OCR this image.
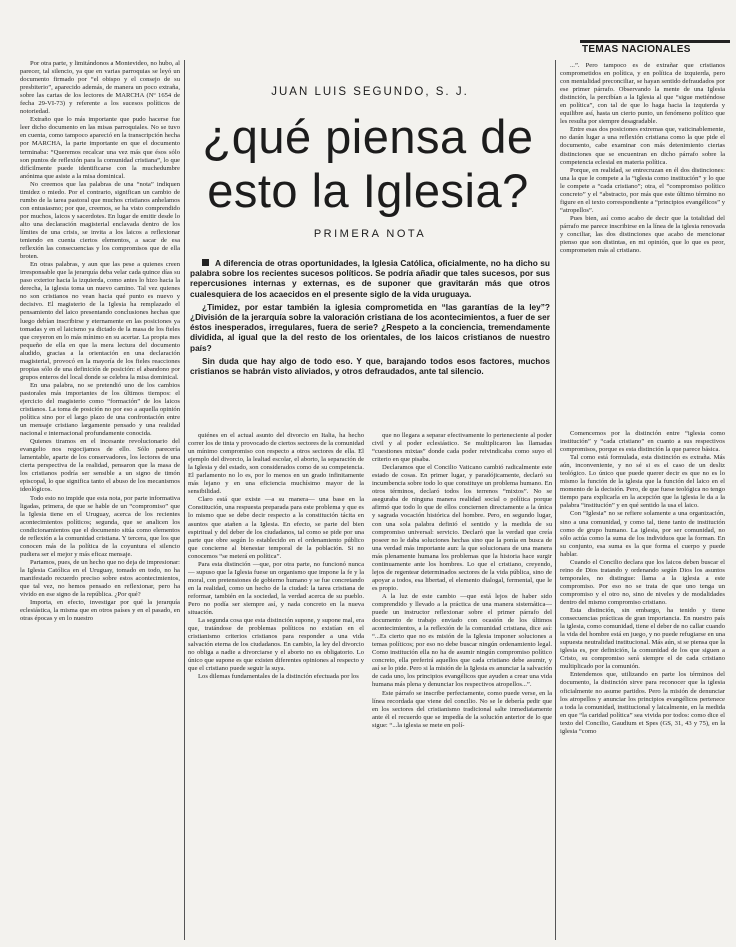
TEMAS NACIONALES

Por otra parte, y limitándonos a Montevideo, no hubo, al parecer, tal silencio, ya que en varias parroquias se leyó un documento firmado por “el obispo y el consejo de su presbiterio”, aparecido además, de manera un poco extraña, sobre las cartas de los lectores de MARCHA (Nº 1654 de fecha 29-VI-73) y referente a los sucesos políticos de notoriedad.

Extraño que lo más importante que pudo hacerse fue leer dicho documento en las misas parroquiales. No se tuvo en cuenta, como tampoco apareció en la transcripción hecha por MARCHA, la parte importante en que el documento terminaba: “Queremos recalcar una vez más que ésos sólo son puntos de reflexión para la comunidad cristiana”, lo que difícilmente puede identificarse con la muchedumbre anónima que asiste a la misa dominical.

No creemos que las palabras de una “nota” indiquen timidez o miedo. Por el contrario, significan un cambio de rumbo de la tarea pastoral que muchos cristianos anhelamos con entusiasmo; por que, creemos, se ha visto comprendido por muchos, laicos y sacerdotes. En lugar de emitir desde lo alto una declaración magisterial enclavada dentro de los límites de una crisis, se invita a los laicos a reflexionar teniendo en cuenta ciertos elementos, a sacar de esa reflexión las consecuencias y los compromisos que de ella broten.

En otras palabras, y aun que las pese a quienes creen irresponsable que la jerarquía deba velar cada quince días su paso exterior hacia la izquierda, como antes lo hizo hacia la derecha, la iglesia toma un nuevo camino. Tal vez quienes no son cristianos no vean hacia qué punto es nuevo y decisivo. El magisterio de la Iglesia ha remplazado el pensamiento del laico presentando conclusiones hechas que luego debían inscribirse y eternamente en las posiciones ya tomadas y en el laicismo ya dictado de la masa de los fieles que creyeron en lo más mínimo en su acertar. La propia mes pequeño de ella en que la mera lectura del documento aludido, gracias a la orientación en una declaración magisterial, provocó en la mayoría de los fieles reacciones propias sólo de una definición de posición: el abandono por grupos enteros del local donde se celebra la misa dominical.

En una palabra, no se pretendió uno de los cambios pastorales más importantes de los últimos tiempos: el ejercicio del magisterio como “formación” de los laicos cristianos. La toma de posición no por eso a aquella opinión política sino por el largo plazo de una confrontación entre un mensaje cristiano largamente pensado y una realidad nacional e internacional profundamente conocida.

Quienes tiramos en el incesante revolucionario del evangelio nos regocijamos de ello. Sólo parecería lamentable, aparte de los conservadores, los lectores de una cierta perspectiva de la realidad, pensaron que la masa de los cristianos podría ser sensible a un signo de timón episcopal, lo que significa tanto el abuso de los mecanismos ideológicos.

Todo esto no impide que esta nota, por parte informativa ligadas, primera, de que se hable de un “compromiso” que la Iglesia tiene en el Uruguay, acerca de los recientes acontecimientos políticos; segunda, que se analicen los condicionamientos que el documento sitúa como elementos de reflexión a la comunidad cristiana. Y tercera, que los que conocen más de la política de la coyuntura el silencio pudiera ser el mejor y más eficaz mensaje.

Partamos, pues, de un hecho que no deja de impresionar: la Iglesia Católica en el Uruguay, tomado en todo, no ha manifestado recuerdo preciso sobre estos acontecimientos, que tal vez, no hemos pensado en reflexionar, pero ha vivido en ese signo de la república. ¿Por qué?

Importa, en efecto, investigar por qué la jerarquía eclesiástica, la misma que en otros países y en el pasado, en otras épocas y en lo nuestro

JUAN LUIS SEGUNDO, S. J.
¿qué piensa de
esto la Iglesia?
PRIMERA NOTA

A diferencia de otras oportunidades, la Iglesia Católica, oficialmente, no ha dicho su palabra sobre los recientes sucesos políticos. Se podría añadir que tales sucesos, por sus repercusiones internas y externas, es de suponer que gravitarán más que otros cualesquiera de los acaecidos en el presente siglo de la vida uruguaya.

¿Timidez, por estar también la iglesia comprometida en “las garantías de la ley”? ¿División de la jerarquía sobre la valoración cristiana de los acontecimientos, a fuer de ser éstos inesperados, irregulares, fuera de serie? ¿Respeto a la conciencia, tremendamente dividida, al igual que la del resto de los orientales, de los laicos cristianos de nuestro país?

Sin duda que hay algo de todo eso. Y que, barajando todos esos factores, muchos cristianos se habrán visto aliviados, y otros defraudados, ante tal silencio.

quiénes en el actual asunto del divorcio en Italia, ha hecho correr los de tinta y provocado de ciertos sectores de la comunidad un mínimo compromiso con respecto a otros sectores de ella. El ejemplo del divorcio, la lealtad escolar, el aborto, la separación de la Iglesia y del estado, son considerados como de su competencia. El parlamento no lo es, por lo menos en un grado infinitamente más lejano y en una eficiencia muchísimo mayor de la sensibilidad.

Claro está que existe —a su manera— una base en la Constitución, una respuesta preparada para este problema y que es lo mismo que se debe decir respecto a la constitución tácita en asuntos que atañen a la Iglesia. En efecto, se parte del bien espiritual y del deber de los ciudadanos, tal como se pide por una parte que obre según lo establecido en el ordenamiento público que concierne al bienestar temporal de la población. Si no conocemos “se meterá en política”.

Para esta distinción —que, por otra parte, no funcionó nunca— supuso que la Iglesia fuese un organismo que impone la fe y la moral, con pretensiones de gobierno humano y se fue concretando en la realidad, como un hecho de la ciudad: la tarea cristiana de reformar, también en la sociedad, la verdad acerca de su pueblo. Pero no podía ser siempre así, y nada concreto en la nueva situación.

La segunda cosa que esta distinción supone, y supone mal, era que, tratándose de problemas políticos no existían en el cristianismo criterios cristianos para responder a una vida salvación eterna de los ciudadanos. En cambio, la ley del divorcio no obliga a nadie a divorciarse y el aborto no es obligatorio. Lo único que supone es que existen diferentes opiniones al respecto y que el cristiano puede seguir la suya.

Los dilemas fundamentales de la distinción efectuada por los

que no llegara a separar efectivamente lo perteneciente al poder civil y al poder eclesiástico. Se multiplicaron las llamadas “cuestiones mixtas” donde cada poder reivindicaba como suyo el criterio en que pisaba.

Declaramos que el Concilio Vaticano cambió radicalmente este estado de cosas. En primer lugar, y paradójicamente, declaró su incumbencia sobre todo lo que constituye un problema humano. En otros términos, declaró todos los terrenos “mixtos”. No se aseguraba de ninguna manera realidad social o política porque afirmó que todo lo que de ellos conciernen directamente a la única y sagrada vocación histórica del hombre. Pero, en segundo lugar, con una sola palabra definió el sentido y la medida de su compromiso universal: servicio. Declaró que la verdad que creía poseer no le daba soluciones hechas sino que la ponía en busca de una verdad más importante aun: la que solucionara de una manera más plenamente humana los problemas que la historia hace surgir continuamente ante los hombres. Lo que el cristiano, creyendo, lejos de regentear determinados sectores de la vida pública, sino de apoyar a todos, esa libertad, el elemento dialogal, fermental, que le es propio.

A la luz de este cambio —que está lejos de haber sido comprendido y llevado a la práctica de una manera sistemática— puede un instructor reflexionar sobre el primer párrafo del documento de trabajo enviado con ocasión de los últimos acontecimientos, a la reflexión de la comunidad cristiana, dice así: “...Es cierto que no es misión de la Iglesia imponer soluciones a temas políticos; por eso no debe buscar ningún ordenamiento legal. Como institución ella no ha de asumir ningún compromiso político concreto, ella preferirá aquellos que cada cristiano debe asumir, y así se lo pide. Pero si la misión de la Iglesia es anunciar la salvación de cada uno, los principios evangélicos que ayuden a crear una vida humana más plena y denunciar los respectivos atropellos...”.

Este párrafo se inscribe perfectamente, como puede verse, en la línea recordada que viene del concilio. No se le debería pedir que en los sectores del cristianismo tradicional salte inmediatamente ante él el recuerdo que se impedía de la solución anterior de lo que sigue: “...la iglesia se mete en polí-

...”. Pero tampoco es de extrañar que cristianos comprometidos en política, y en política de izquierda, pero con mentalidad preconciliar, se hayan sentido defraudados por ese primer párrafo. Observando la mente de una Iglesia distinción, la percibían a la Iglesia al que “sigue metiéndose en política”, con tal de que lo haga hacia la izquierda y equilibre así, hasta un cierto punto, un fenómeno político que les resulta por siempre desagradable.

Entre esas dos posiciones extremas que, vaticinablemente, no darán lugar a una reflexión cristiana como la que pide el documento, cabe examinar con más detenimiento ciertas distinciones que se encuentran en dicho párrafo sobre la competencia eclesial en materia política.

Porque, en realidad, se entrecruzan en él dos distinciones: una la que le compete a la “iglesia como institución” y lo que le compete a “cada cristiano”; otra, el “compromiso político concreto” y el “abstracto, por más que este último término no figure en el texto correspondiente a “principios evangélicos” y “atropellos”.

Pues bien, así como acabo de decir que la totalidad del párrafo me parece inscribirse en la línea de la iglesia renovada y conciliar, las dos distinciones que acabo de mencionar pienso que son distintas, en mi opinión, que lo que es peor, comprometen más al cristiano.

Comencemos por la distinción entre “iglesia como institución” y “cada cristiano” en cuanto a sus respectivos compromisos, porque es esta distinción la que parece básica.

Tal como está formulada, esta distinción es extraña. Más aún, inconveniente, y no sé si es el caso de un desliz teológico. Lo único que puede querer decir es que no es lo mismo la función de la iglesia que la función del laico en el momento de la decisión. Pero, de que fuese teológica no tengo tiempo para explicarla en la acepción que la iglesia le da a la palabra “institución” y en qué sentido la usa el laico.

Con “Iglesia” no se refiere solamente a una organización, sino a una comunidad, y como tal, tiene tanto de institución como de grupo humano. La iglesia, por ser comunidad, no sólo actúa como la suma de los individuos que la forman. En su conjunto, esa suma es la que forma el cuerpo y puede hablar.

Cuando el Concilio declara que los laicos deben buscar el reino de Dios tratando y ordenando según Dios los asuntos temporales, no distingue: llama a la iglesia a este compromiso. Por eso no se trata de que uno tenga un compromiso y el otro no, sino de niveles y de modalidades dentro del mismo compromiso cristiano.

Esta distinción, sin embargo, ha tenido y tiene consecuencias prácticas de gran importancia. En nuestro país la iglesia, como comunidad, tiene el deber de no callar cuando la vida del hombre está en juego, y no puede refugiarse en una supuesta neutralidad institucional. Más aún, si se piensa que la iglesia es, por definición, la comunidad de los que siguen a Cristo, su compromiso será siempre el de cada cristiano multiplicado por la comunión.

Entendemos que, utilizando en parte los términos del documento, la distinción sirve para reconocer que la iglesia oficialmente no asume partidos. Pero la misión de denunciar los atropellos y anunciar los principios evangélicos pertenece a toda la comunidad, institucional y laicalmente, en la medida en que “la caridad política” sea vivida por todos: como dice el texto del Concilio, Gaudium et Spes (GS, 31, 43 y 75), en la iglesia “como
